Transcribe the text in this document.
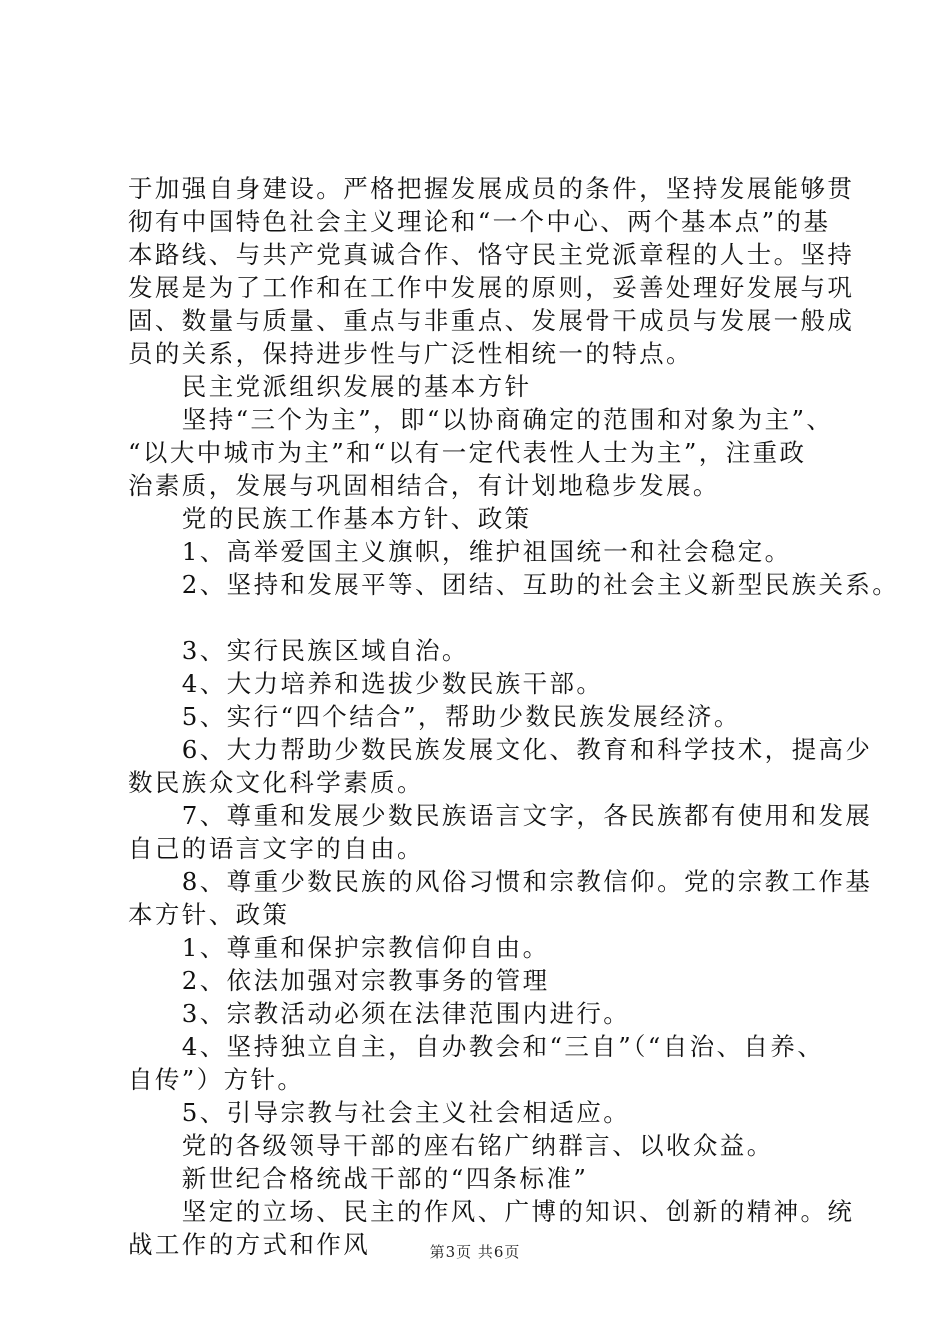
于加强自身建设。严格把握发展成员的条件，坚持发展能够贯
彻有中国特色社会主义理论和“一个中心、两个基本点”的基
本路线、与共产党真诚合作、恪守民主党派章程的人士。坚持
发展是为了工作和在工作中发展的原则，妥善处理好发展与巩
固、数量与质量、重点与非重点、发展骨干成员与发展一般成
员的关系，保持进步性与广泛性相统一的特点。
　　民主党派组织发展的基本方针
　　坚持“三个为主”，即“以协商确定的范围和对象为主”、
“以大中城市为主”和“以有一定代表性人士为主”，注重政
治素质，发展与巩固相结合，有计划地稳步发展。
　　党的民族工作基本方针、政策
　　1、高举爱国主义旗帜，维护祖国统一和社会稳定。
　　2、坚持和发展平等、团结、互助的社会主义新型民族关系。
　　3、实行民族区域自治。
　　4、大力培养和选拔少数民族干部。
　　5、实行“四个结合”，帮助少数民族发展经济。
　　6、大力帮助少数民族发展文化、教育和科学技术，提高少
数民族众文化科学素质。
　　7、尊重和发展少数民族语言文字，各民族都有使用和发展
自己的语言文字的自由。
　　8、尊重少数民族的风俗习惯和宗教信仰。党的宗教工作基
本方针、政策
　　1、尊重和保护宗教信仰自由。
　　2、依法加强对宗教事务的管理
　　3、宗教活动必须在法律范围内进行。
　　4、坚持独立自主，自办教会和“三自”（“自治、自养、
自传”）方针。
　　5、引导宗教与社会主义社会相适应。
　　党的各级领导干部的座右铭广纳群言、以收众益。
　　新世纪合格统战干部的“四条标准”
　　坚定的立场、民主的作风、广博的知识、创新的精神。统
战工作的方式和作风	第3页 共6页
